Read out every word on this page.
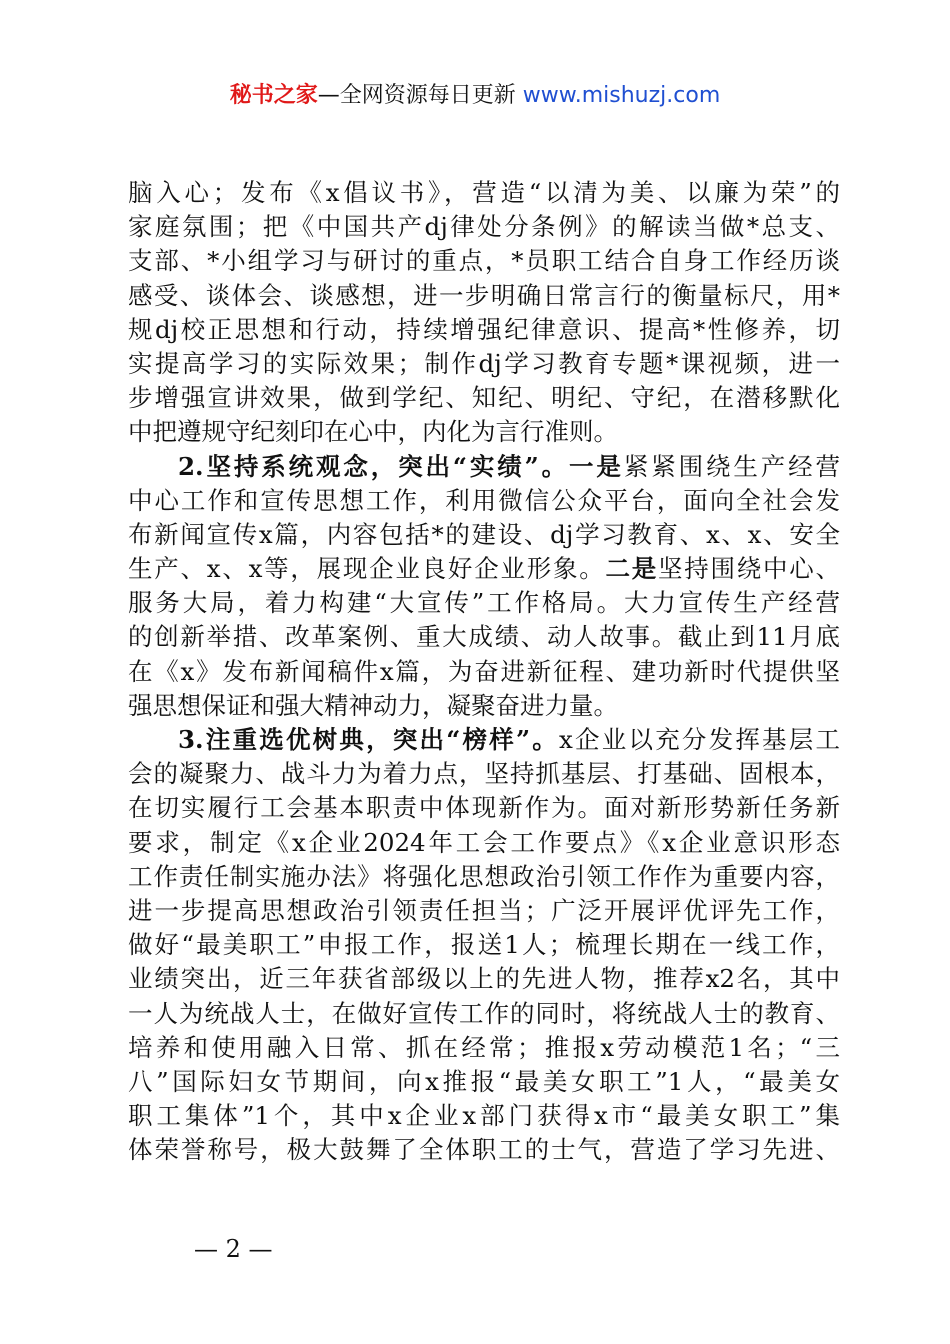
秘书之家—全网资源每日更新 www.mishuzj.com
脑入心；发布《x倡议书》，营造“以清为美、以廉为荣”的
家庭氛围；把《中国共产dj律处分条例》的解读当做*总支、
支部、*小组学习与研讨的重点，*员职工结合自身工作经历谈
感受、谈体会、谈感想，进一步明确日常言行的衡量标尺，用*
规dj校正思想和行动，持续增强纪律意识、提高*性修养，切
实提高学习的实际效果；制作dj学习教育专题*课视频，进一
步增强宣讲效果，做到学纪、知纪、明纪、守纪，在潜移默化
中把遵规守纪刻印在心中，内化为言行准则。
2.坚持系统观念，突出“实绩”。一是紧紧围绕生产经营
中心工作和宣传思想工作，利用微信公众平台，面向全社会发
布新闻宣传x篇，内容包括*的建设、dj学习教育、x、x、安全
生产、x、x等，展现企业良好企业形象。二是坚持围绕中心、
服务大局，着力构建“大宣传”工作格局。大力宣传生产经营
的创新举措、改革案例、重大成绩、动人故事。截止到11月底
在《x》发布新闻稿件x篇，为奋进新征程、建功新时代提供坚
强思想保证和强大精神动力，凝聚奋进力量。
3.注重选优树典，突出“榜样”。x企业以充分发挥基层工
会的凝聚力、战斗力为着力点，坚持抓基层、打基础、固根本，
在切实履行工会基本职责中体现新作为。面对新形势新任务新
要求，制定《x企业2024年工会工作要点》《x企业意识形态
工作责任制实施办法》将强化思想政治引领工作作为重要内容，
进一步提高思想政治引领责任担当；广泛开展评优评先工作，
做好“最美职工”申报工作，报送1人；梳理长期在一线工作，
业绩突出，近三年获省部级以上的先进人物，推荐x2名，其中
一人为统战人士，在做好宣传工作的同时，将统战人士的教育、
培养和使用融入日常、抓在经常；推报x劳动模范1名；“三
八”国际妇女节期间，向x推报“最美女职工”1人，“最美女
职工集体”1个，其中x企业x部门获得x市“最美女职工”集
体荣誉称号，极大鼓舞了全体职工的士气，营造了学习先进、
— 2 —
